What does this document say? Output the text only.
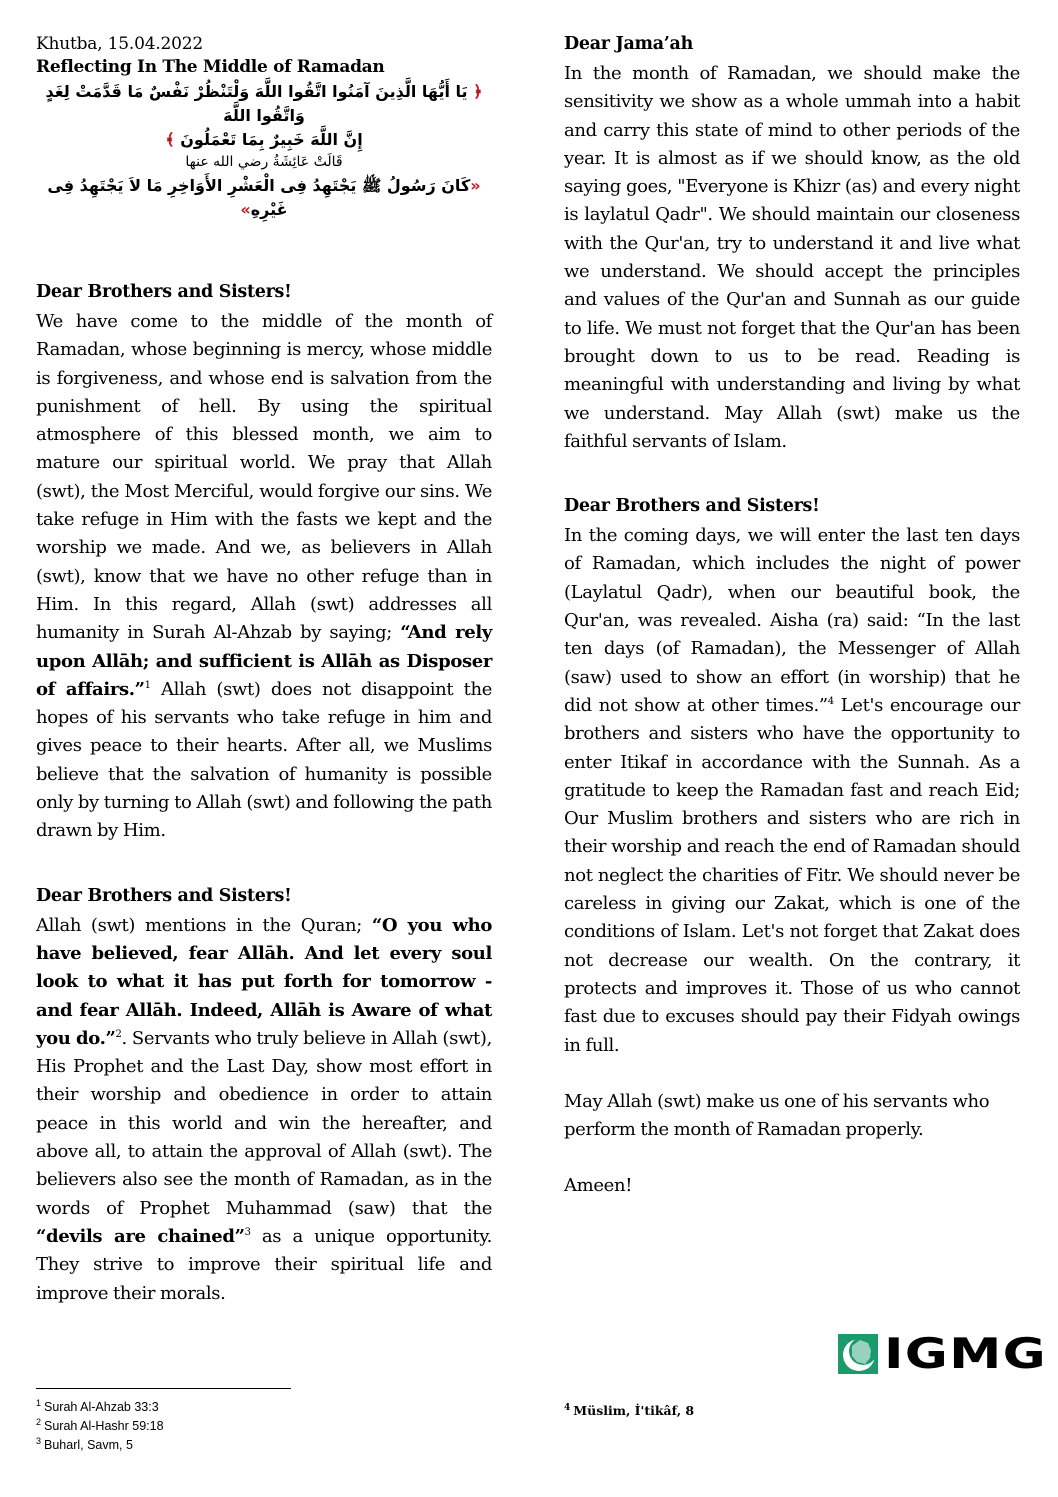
Khutba, 15.04.2022
Reflecting In The Middle of Ramadan
﴿ يَا أَيُّهَا الَّذِينَ آمَنُوا اتَّقُوا اللَّهَ وَلْتَنْظُرْ نَفْسٌ مَا قَدَّمَتْ لِغَدٍ وَاتَّقُوا اللَّهَ
إِنَّ اللَّهَ خَبِيرٌ بِمَا تَعْمَلُونَ ﴾
قَالَتْ عَائِشَةُ رضي الله عنها
«كَانَ رَسُولُ ﷺ يَجْتَهِدُ فِى الْعَشْرِ الأَوَاخِرِ مَا لاَ يَجْتَهِدُ فِى غَيْرِهِ»
Dear Brothers and Sisters!

We have come to the middle of the month of Ramadan, whose beginning is mercy, whose middle is forgiveness, and whose end is salvation from the punishment of hell. By using the spiritual atmosphere of this blessed month, we aim to mature our spiritual world. We pray that Allah (swt), the Most Merciful, would forgive our sins. We take refuge in Him with the fasts we kept and the worship we made. And we, as believers in Allah (swt), know that we have no other refuge than in Him. In this regard, Allah (swt) addresses all humanity in Surah Al-Ahzab by saying; “And rely upon Allāh; and sufficient is Allāh as Disposer of affairs.”$^1$ Allah (swt) does not disappoint the hopes of his servants who take refuge in him and gives peace to their hearts. After all, we Muslims believe that the salvation of humanity is possible only by turning to Allah (swt) and following the path drawn by Him.

Dear Brothers and Sisters!

Allah (swt) mentions in the Quran; “O you who have believed, fear Allāh. And let every soul look to what it has put forth for tomorrow - and fear Allāh. Indeed, Allāh is Aware of what you do.”$^2$. Servants who truly believe in Allah (swt), His Prophet and the Last Day, show most effort in their worship and obedience in order to attain peace in this world and win the hereafter, and above all, to attain the approval of Allah (swt). The believers also see the month of Ramadan, as in the words of Prophet Muhammad (saw) that the “devils are chained”$^3$ as a unique opportunity. They strive to improve their spiritual life and improve their morals.

Dear Jama’ah

In the month of Ramadan, we should make the sensitivity we show as a whole ummah into a habit and carry this state of mind to other periods of the year. It is almost as if we should know, as the old saying goes, "Everyone is Khizr (as) and every night is laylatul Qadr". We should maintain our closeness with the Qur'an, try to understand it and live what we understand. We should accept the principles and values of the Qur'an and Sunnah as our guide to life. We must not forget that the Qur'an has been brought down to us to be read. Reading is meaningful with understanding and living by what we understand. May Allah (swt) make us the faithful servants of Islam.

Dear Brothers and Sisters!

In the coming days, we will enter the last ten days of Ramadan, which includes the night of power (Laylatul Qadr), when our beautiful book, the Qur'an, was revealed. Aisha (ra) said: “In the last ten days (of Ramadan), the Messenger of Allah (saw) used to show an effort (in worship) that he did not show at other times.”$^4$ Let's encourage our brothers and sisters who have the opportunity to enter Itikaf in accordance with the Sunnah. As a gratitude to keep the Ramadan fast and reach Eid; Our Muslim brothers and sisters who are rich in their worship and reach the end of Ramadan should not neglect the charities of Fitr. We should never be careless in giving our Zakat, which is one of the conditions of Islam. Let's not forget that Zakat does not decrease our wealth. On the contrary, it protects and improves it. Those of us who cannot fast due to excuses should pay their Fidyah owings in full.

May Allah (swt) make us one of his servants who perform the month of Ramadan properly.

Ameen!

IGMG
$^1$ Surah Al-Ahzab 33:3
$^2$ Surah Al-Hashr 59:18
$^3$ Buharl, Savm, 5
$^4$ Müslim, İ'tikâf, 8
